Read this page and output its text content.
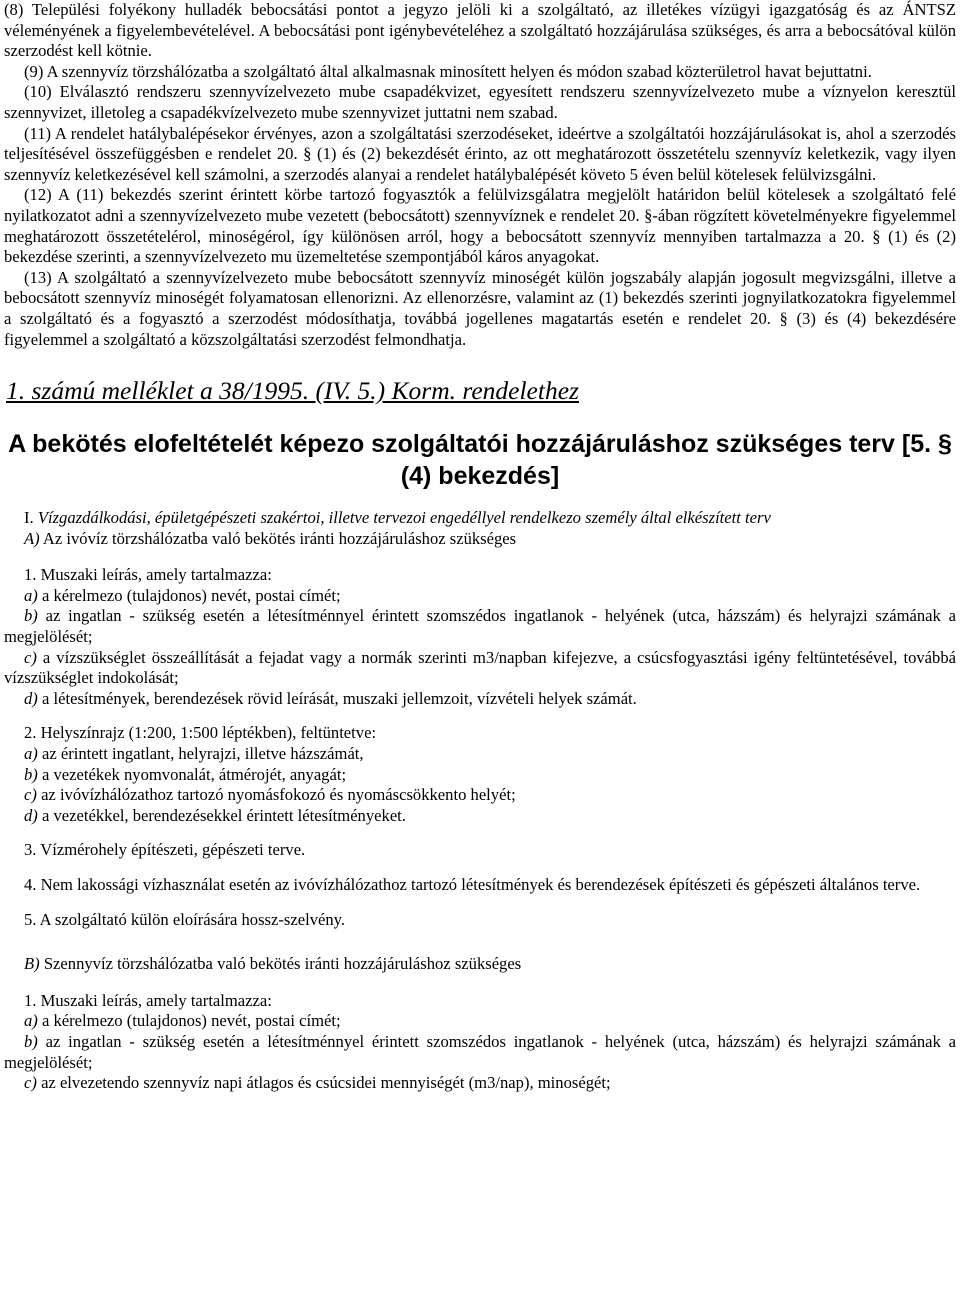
(8) Települési folyékony hulladék bebocsátási pontot a jegyzo jelöli ki a szolgáltató, az illetékes vízügyi igazgatóság és az ÁNTSZ véleményének a figyelembevételével. A bebocsátási pont igénybevételéhez a szolgáltató hozzájárulása szükséges, és arra a bebocsátóval külön szerzodést kell kötnie.

(9) A szennyvíz törzshálózatba a szolgáltató által alkalmasnak minosített helyen és módon szabad közterületrol havat bejuttatni.

(10) Elválasztó rendszeru szennyvízelvezeto mube csapadékvizet, egyesített rendszeru szennyvízelvezeto mube a víznyelon keresztül szennyvizet, illetoleg a csapadékvízelvezeto mube szennyvizet juttatni nem szabad.

(11) A rendelet hatálybalépésekor érvényes, azon a szolgáltatási szerzodéseket, ideértve a szolgáltatói hozzájárulásokat is, ahol a szerzodés teljesítésével összefüggésben e rendelet 20. § (1) és (2) bekezdését érinto, az ott meghatározott összetételu szennyvíz keletkezik, vagy ilyen szennyvíz keletkezésével kell számolni, a szerzodés alanyai a rendelet hatálybalépését követo 5 éven belül kötelesek felülvizsgálni.

(12) A (11) bekezdés szerint érintett körbe tartozó fogyasztók a felülvizsgálatra megjelölt határidon belül kötelesek a szolgáltató felé nyilatkozatot adni a szennyvízelvezeto mube vezetett (bebocsátott) szennyvíznek e rendelet 20. §-ában rögzített követelményekre figyelemmel meghatározott összetételérol, minoségérol, így különösen arról, hogy a bebocsátott szennyvíz mennyiben tartalmazza a 20. § (1) és (2) bekezdése szerinti, a szennyvízelvezeto mu üzemeltetése szempontjából káros anyagokat.

(13) A szolgáltató a szennyvízelvezeto mube bebocsátott szennyvíz minoségét külön jogszabály alapján jogosult megvizsgálni, illetve a bebocsátott szennyvíz minoségét folyamatosan ellenorizni. Az ellenorzésre, valamint az (1) bekezdés szerinti jognyilatkozatokra figyelemmel a szolgáltató és a fogyasztó a szerzodést módosíthatja, továbbá jogellenes magatartás esetén e rendelet 20. § (3) és (4) bekezdésére figyelemmel a szolgáltató a közszolgáltatási szerzodést felmondhatja.

1. számú melléklet a 38/1995. (IV. 5.) Korm. rendelethez

A bekötés elofeltételét képezo szolgáltatói hozzájáruláshoz szükséges terv [5. § (4) bekezdés]

I. Vízgazdálkodási, épületgépészeti szakértoi, illetve tervezoi engedéllyel rendelkezo személy által elkészített terv

A) Az ivóvíz törzshálózatba való bekötés iránti hozzájáruláshoz szükséges

1. Muszaki leírás, amely tartalmazza:

a) a kérelmezo (tulajdonos) nevét, postai címét;

b) az ingatlan - szükség esetén a létesítménnyel érintett szomszédos ingatlanok - helyének (utca, házszám) és helyrajzi számának a megjelölését;

c) a vízszükséglet összeállítását a fejadat vagy a normák szerinti m3/napban kifejezve, a csúcsfogyasztási igény feltüntetésével, továbbá vízszükséglet indokolását;

d) a létesítmények, berendezések rövid leírását, muszaki jellemzoit, vízvételi helyek számát.

2. Helyszínrajz (1:200, 1:500 léptékben), feltüntetve:

a) az érintett ingatlant, helyrajzi, illetve házszámát,

b) a vezetékek nyomvonalát, átmérojét, anyagát;

c) az ivóvízhálózathoz tartozó nyomásfokozó és nyomáscsökkento helyét;

d) a vezetékkel, berendezésekkel érintett létesítményeket.

3. Vízmérohely építészeti, gépészeti terve.

4. Nem lakossági vízhasználat esetén az ivóvízhálózathoz tartozó létesítmények és berendezések építészeti és gépészeti általános terve.

5. A szolgáltató külön eloírására hossz-szelvény.

B) Szennyvíz törzshálózatba való bekötés iránti hozzájáruláshoz szükséges

1. Muszaki leírás, amely tartalmazza:

a) a kérelmezo (tulajdonos) nevét, postai címét;

b) az ingatlan - szükség esetén a létesítménnyel érintett szomszédos ingatlanok - helyének (utca, házszám) és helyrajzi számának a megjelölését;

c) az elvezetendo szennyvíz napi átlagos és csúcsidei mennyiségét (m3/nap), minoségét;
